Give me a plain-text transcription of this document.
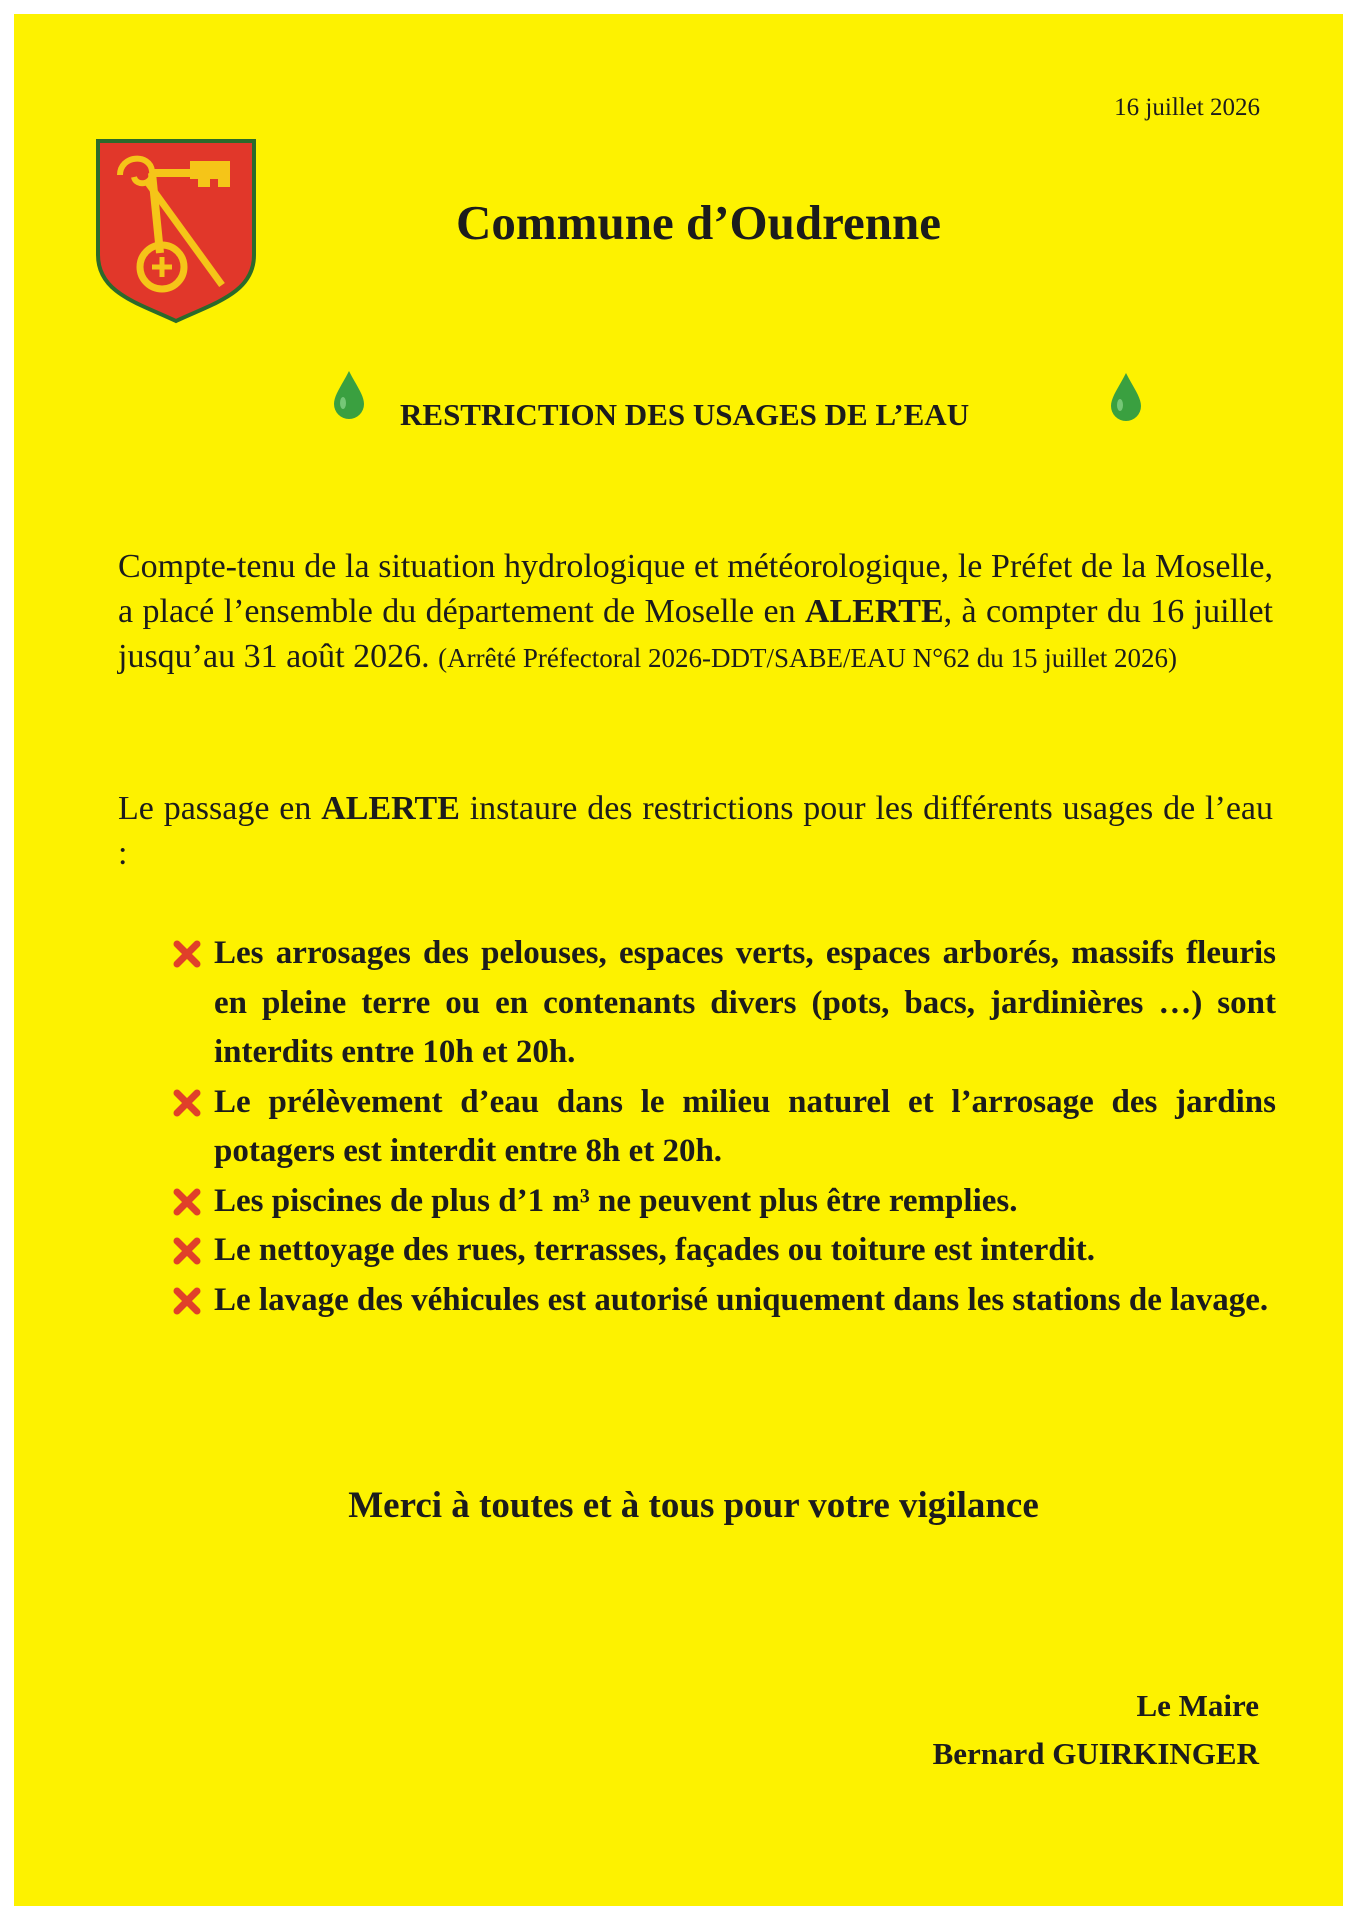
16 juillet 2026
Commune d’Oudrenne
RESTRICTION DES USAGES DE L’EAU
Compte-tenu de la situation hydrologique et météorologique, le Préfet de la Moselle, a placé l’ensemble du département de Moselle en ALERTE, à compter du 16 juillet jusqu’au 31 août 2026. (Arrêté Préfectoral 2026-DDT/SABE/EAU N°62 du 15 juillet 2026)
Le passage en ALERTE instaure des restrictions pour les différents usages de l’eau :
Les arrosages des pelouses, espaces verts, espaces arborés, massifs fleuris en pleine terre ou en contenants divers (pots, bacs, jardinières …) sont interdits entre 10h et 20h.
Le prélèvement d’eau dans le milieu naturel et l’arrosage des jardins potagers est interdit entre 8h et 20h.
Les piscines de plus d’1 m³ ne peuvent plus être remplies.
Le nettoyage des rues, terrasses, façades ou toiture est interdit.
Le lavage des véhicules est autorisé uniquement dans les stations de lavage.
Merci à toutes et à tous pour votre vigilance
Le Maire
Bernard GUIRKINGER
